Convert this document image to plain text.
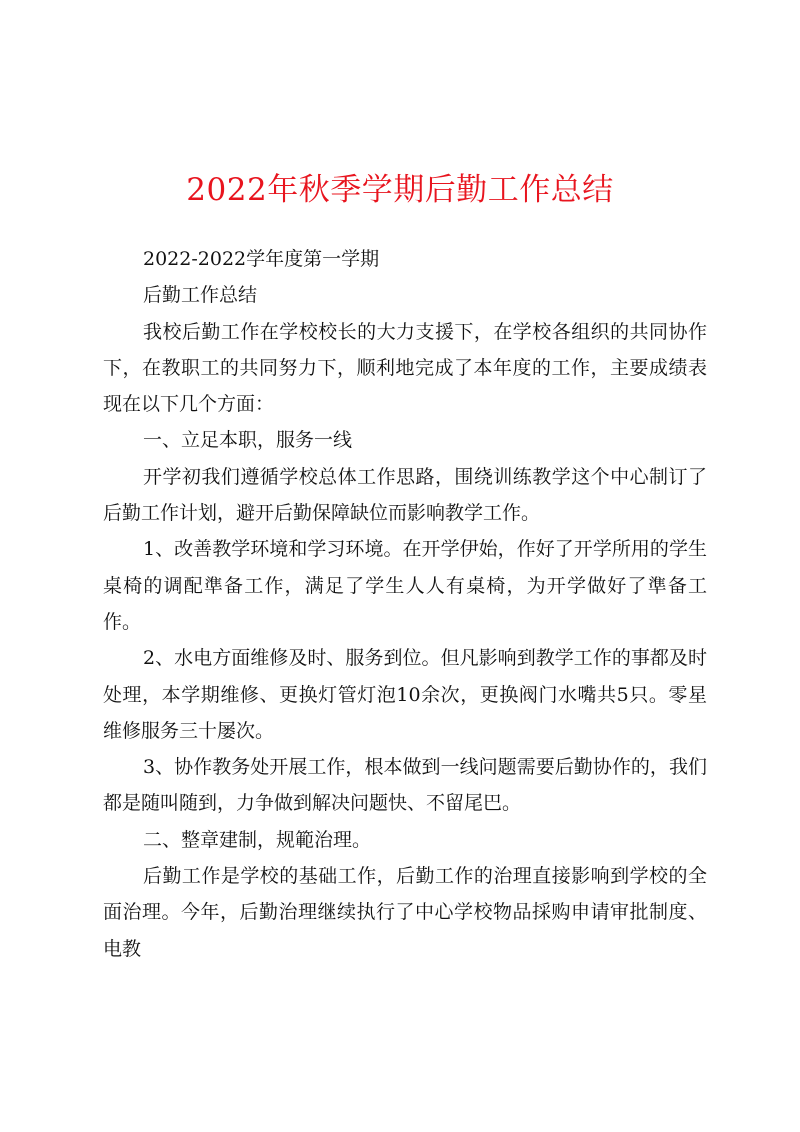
2022年秋季学期后勤工作总结

2022-2022学年度第一学期

后勤工作总结

我校后勤工作在学校校长的大力支援下，在学校各组织的共同协作下，在教职工的共同努力下，顺利地完成了本年度的工作，主要成绩表现在以下几个方面：

一、立足本职，服务一线

开学初我们遵循学校总体工作思路，围绕训练教学这个中心制订了后勤工作计划，避开后勤保障缺位而影响教学工作。

1、改善教学环境和学习环境。在开学伊始，作好了开学所用的学生桌椅的调配準备工作，满足了学生人人有桌椅，为开学做好了準备工作。

2、水电方面维修及时、服务到位。但凡影响到教学工作的事都及时处理，本学期维修、更换灯管灯泡10余次，更换阀门水嘴共5只。零星维修服务三十屡次。

3、协作教务处开展工作，根本做到一线问题需要后勤协作的，我们都是随叫随到，力争做到解决问题快、不留尾巴。

二、整章建制，规範治理。

后勤工作是学校的基础工作，后勤工作的治理直接影响到学校的全面治理。今年，后勤治理继续执行了中心学校物品採购申请审批制度、电教
